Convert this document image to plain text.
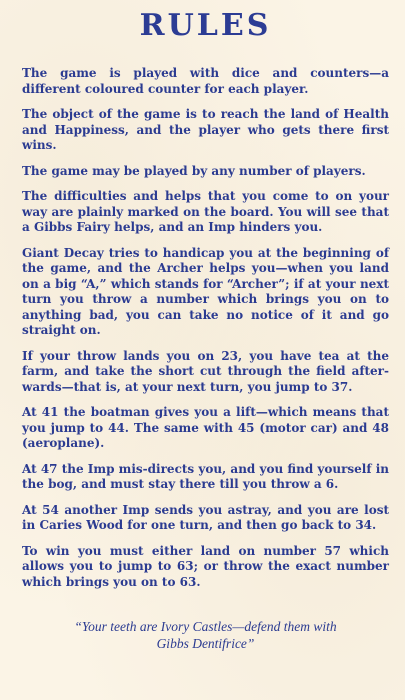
RULES

The game is played with dice and counters—a different coloured counter for each player.

The object of the game is to reach the land of Health and Happiness, and the player who gets there first wins.

The game may be played by any number of players.

The difficulties and helps that you come to on your way are plainly marked on the board. You will see that a Gibbs Fairy helps, and an Imp hinders you.

Giant Decay tries to handicap you at the beginning of the game, and the Archer helps you—when you land on a big “A,” which stands for “Archer”; if at your next turn you throw a number which brings you on to anything bad, you can take no notice of it and go straight on.

If your throw lands you on 23, you have tea at the farm, and take the short cut through the field afterwards—that is, at your next turn, you jump to 37.

At 41 the boatman gives you a lift—which means that you jump to 44. The same with 45 (motor car) and 48 (aeroplane).

At 47 the Imp mis-directs you, and you find yourself in the bog, and must stay there till you throw a 6.

At 54 another Imp sends you astray, and you are lost in Caries Wood for one turn, and then go back to 34.

To win you must either land on number 57 which allows you to jump to 63; or throw the exact number which brings you on to 63.

“Your teeth are Ivory Castles—defend them with
Gibbs Dentifrice”
